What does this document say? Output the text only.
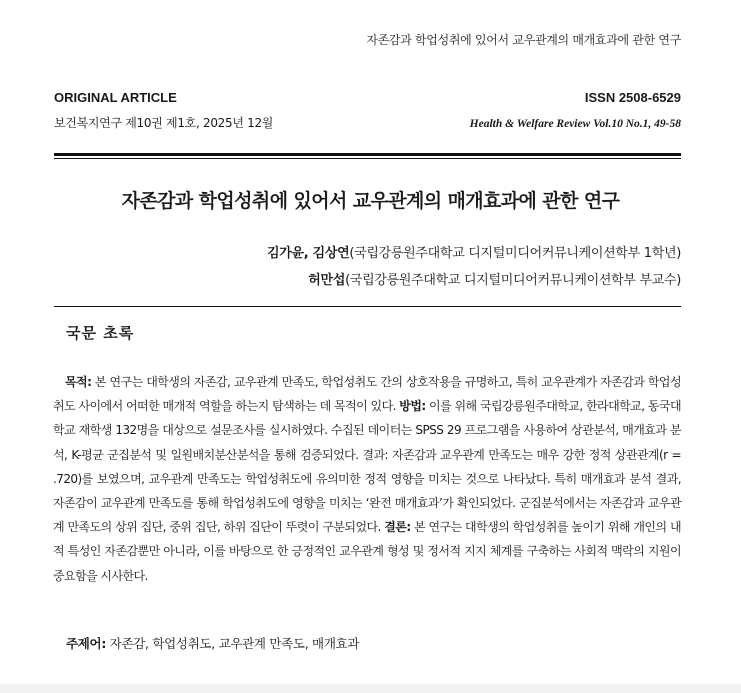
자존감과 학업성취에 있어서 교우관계의 매개효과에 관한 연구
ORIGINAL ARTICLE	ISSN 2508-6529
보건복지연구 제10권 제1호, 2025년 12월	Health & Welfare Review Vol.10 No.1, 49-58
자존감과 학업성취에 있어서 교우관계의 매개효과에 관한 연구
김가윤, 김상연(국립강릉원주대학교 디지털미디어커뮤니케이션학부 1학년)
허만섭(국립강릉원주대학교 디지털미디어커뮤니케이션학부 부교수)
국문 초록

목적: 본 연구는 대학생의 자존감, 교우관계 만족도, 학업성취도 간의 상호작용을 규명하고, 특히 교우관계가 자존감과 학업성취도 사이에서 어떠한 매개적 역할을 하는지 탐색하는 데 목적이 있다. 방법: 이를 위해 국립강릉원주대학교, 한라대학교, 동국대학교 재학생 132명을 대상으로 설문조사를 실시하였다. 수집된 데이터는 SPSS 29 프로그램을 사용하여 상관분석, 매개효과 분석, K-평균 군집분석 및 일원배치분산분석을 통해 검증되었다. 결과: 자존감과 교우관계 만족도는 매우 강한 정적 상관관계(r = .720)를 보였으며, 교우관계 만족도는 학업성취도에 유의미한 정적 영향을 미치는 것으로 나타났다. 특히 매개효과 분석 결과, 자존감이 교우관계 만족도를 통해 학업성취도에 영향을 미치는 ‘완전 매개효과’가 확인되었다. 군집분석에서는 자존감과 교우관계 만족도의 상위 집단, 중위 집단, 하위 집단이 뚜렷이 구분되었다. 결론: 본 연구는 대학생의 학업성취를 높이기 위해 개인의 내적 특성인 자존감뿐만 아니라, 이를 바탕으로 한 긍정적인 교우관계 형성 및 정서적 지지 체계를 구축하는 사회적 맥락의 지원이 중요함을 시사한다.

주제어: 자존감, 학업성취도, 교우관계 만족도, 매개효과
